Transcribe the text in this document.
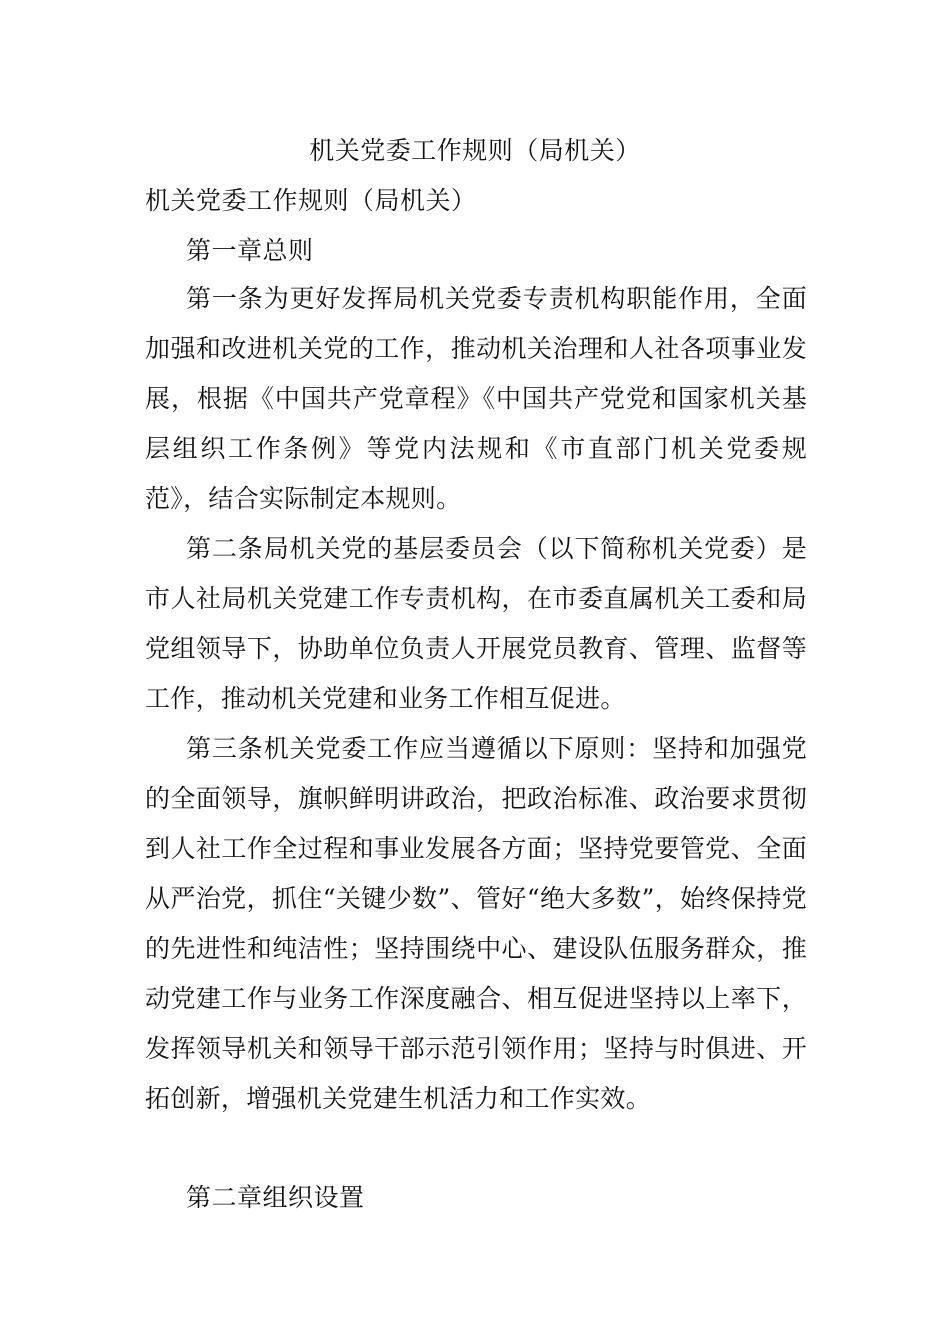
机关党委工作规则（局机关）
机关党委工作规则（局机关）
第一章总则

第一条为更好发挥局机关党委专责机构职能作用，全面加强和改进机关党的工作，推动机关治理和人社各项事业发展，根据《中国共产党章程》《中国共产党党和国家机关基层组织工作条例》等党内法规和《市直部门机关党委规范》，结合实际制定本规则。

第二条局机关党的基层委员会（以下简称机关党委）是市人社局机关党建工作专责机构，在市委直属机关工委和局党组领导下，协助单位负责人开展党员教育、管理、监督等工作，推动机关党建和业务工作相互促进。

第三条机关党委工作应当遵循以下原则：坚持和加强党的全面领导，旗帜鲜明讲政治，把政治标准、政治要求贯彻到人社工作全过程和事业发展各方面；坚持党要管党、全面从严治党，抓住“关键少数”、管好“绝大多数”，始终保持党的先进性和纯洁性；坚持围绕中心、建设队伍服务群众，推动党建工作与业务工作深度融合、相互促进坚持以上率下，发挥领导机关和领导干部示范引领作用；坚持与时俱进、开拓创新，增强机关党建生机活力和工作实效。

第二章组织设置
